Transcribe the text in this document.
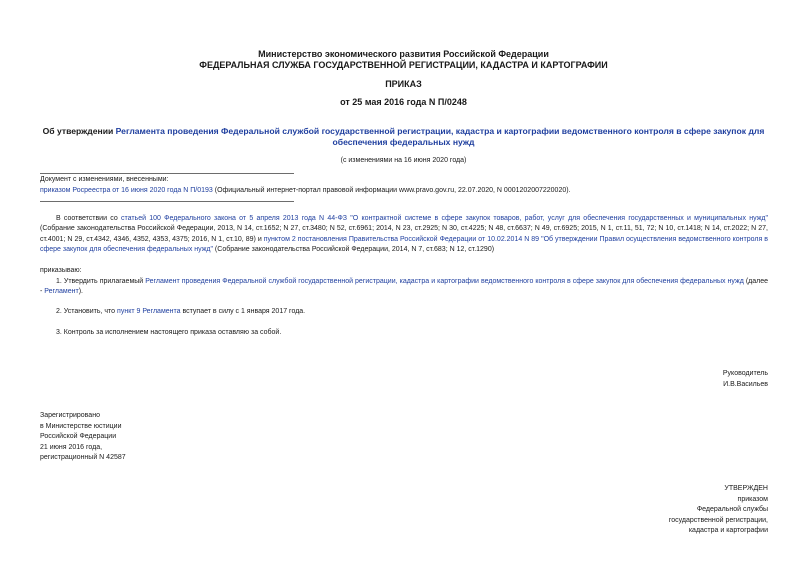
Министерство экономического развития Российской Федерации
ФЕДЕРАЛЬНАЯ СЛУЖБА ГОСУДАРСТВЕННОЙ РЕГИСТРАЦИИ, КАДАСТРА И КАРТОГРАФИИ
ПРИКАЗ
от 25 мая 2016 года N П/0248
Об утверждении Регламента проведения Федеральной службой государственной регистрации, кадастра и картографии ведомственного контроля в сфере закупок для обеспечения федеральных нужд
(с изменениями на 16 июня 2020 года)
Документ с изменениями, внесенными:
приказом Росреестра от 16 июня 2020 года N П/0193 (Официальный интернет-портал правовой информации www.pravo.gov.ru, 22.07.2020, N 0001202007220020).
В соответствии со статьей 100 Федерального закона от 5 апреля 2013 года N 44-ФЗ "О контрактной системе в сфере закупок товаров, работ, услуг для обеспечения государственных и муниципальных нужд" (Собрание законодательства Российской Федерации, 2013, N 14, ст.1652; N 27, ст.3480; N 52, ст.6961; 2014, N 23, ст.2925; N 30, ст.4225; N 48, ст.6637; N 49, ст.6925; 2015, N 1, ст.11, 51, 72; N 10, ст.1418; N 14, ст.2022; N 27, ст.4001; N 29, ст.4342, 4346, 4352, 4353, 4375; 2016, N 1, ст.10, 89) и пунктом 2 постановления Правительства Российской Федерации от 10.02.2014 N 89 "Об утверждении Правил осуществления ведомственного контроля в сфере закупок для обеспечения федеральных нужд" (Собрание законодательства Российской Федерации, 2014, N 7, ст.683; N 12, ст.1290)
приказываю:
1. Утвердить прилагаемый Регламент проведения Федеральной службой государственной регистрации, кадастра и картографии ведомственного контроля в сфере закупок для обеспечения федеральных нужд (далее - Регламент).
2. Установить, что пункт 9 Регламента вступает в силу с 1 января 2017 года.
3. Контроль за исполнением настоящего приказа оставляю за собой.
Руководитель
И.В.Васильев
Зарегистрировано
в Министерстве юстиции
Российской Федерации
21 июня 2016 года,
регистрационный N 42587
УТВЕРЖДЕН
приказом
Федеральной службы
государственной регистрации,
кадастра и картографии
